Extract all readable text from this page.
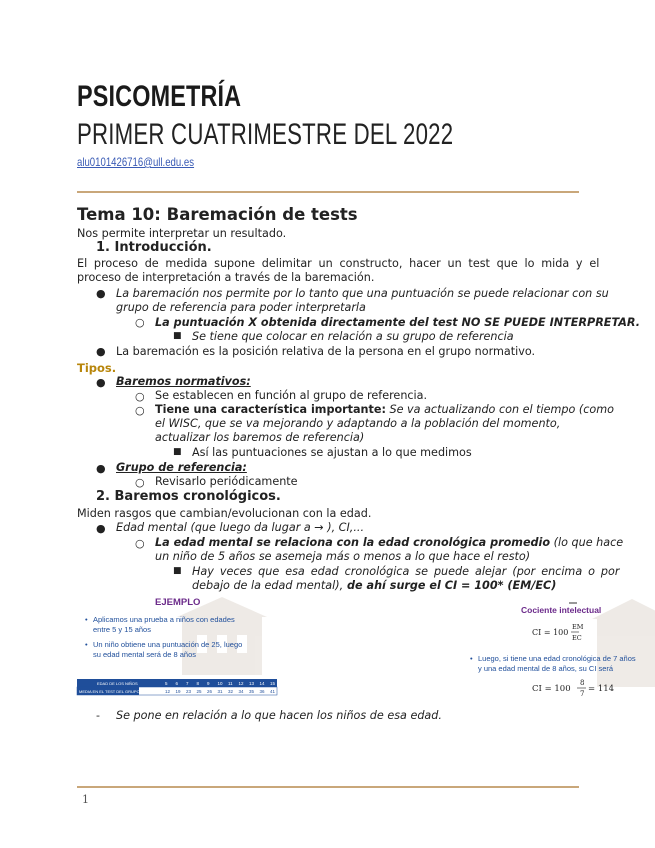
PSICOMETRÍA
PRIMER CUATRIMESTRE DEL 2022
alu0101426716@ull.edu.es
Tema 10: Baremación de tests
Nos permite interpretar un resultado.
1. Introducción.
El proceso de medida supone delimitar un constructo, hacer un test que lo mida y el
proceso de interpretación a través de la baremación.
● La baremación nos permite por lo tanto que una puntuación se puede relacionar con su
grupo de referencia para poder interpretarla
○ La puntuación X obtenida directamente del test NO SE PUEDE INTERPRETAR.
■ Se tiene que colocar en relación a su grupo de referencia
● La baremación es la posición relativa de la persona en el grupo normativo.
Tipos.
● Baremos normativos:
○ Se establecen en función al grupo de referencia.
○ Tiene una característica importante: Se va actualizando con el tiempo (como
el WISC, que se va mejorando y adaptando a la población del momento,
actualizar los baremos de referencia)
■ Así las puntuaciones se ajustan a lo que medimos
● Grupo de referencia:
○ Revisarlo periódicamente
2. Baremos cronológicos.
Miden rasgos que cambian/evolucionan con la edad.
● Edad mental (que luego da lugar a → ), CI,...
○ La edad mental se relaciona con la edad cronológica promedio (lo que hace
un niño de 5 años se asemeja más o menos a lo que hace el resto)
■ Hay veces que esa edad cronológica se puede alejar (por encima o por
debajo de la edad mental), de ahí surge el CI = 100* (EM/EC)
EJEMPLO
• Aplicamos una prueba a niños con edades
entre 5 y 15 años
• Un niño obtiene una puntuación de 25, luego
su edad mental será de 8 años
EDAD DE LOS NIÑOS
MEDIA EN EL TEST DEL GRUPO
5 6 7 8 9 10 11 12 13 14 15
12 19 23 25 26 31 32 34 35 36 41
Cociente intelectual
CI = 100
EM
EC
• Luego, si tiene una edad cronológica de 7 años
y una edad mental de 8 años, su CI será
CI = 100
8
7 = 114
- Se pone en relación a lo que hacen los niños de esa edad.
1
